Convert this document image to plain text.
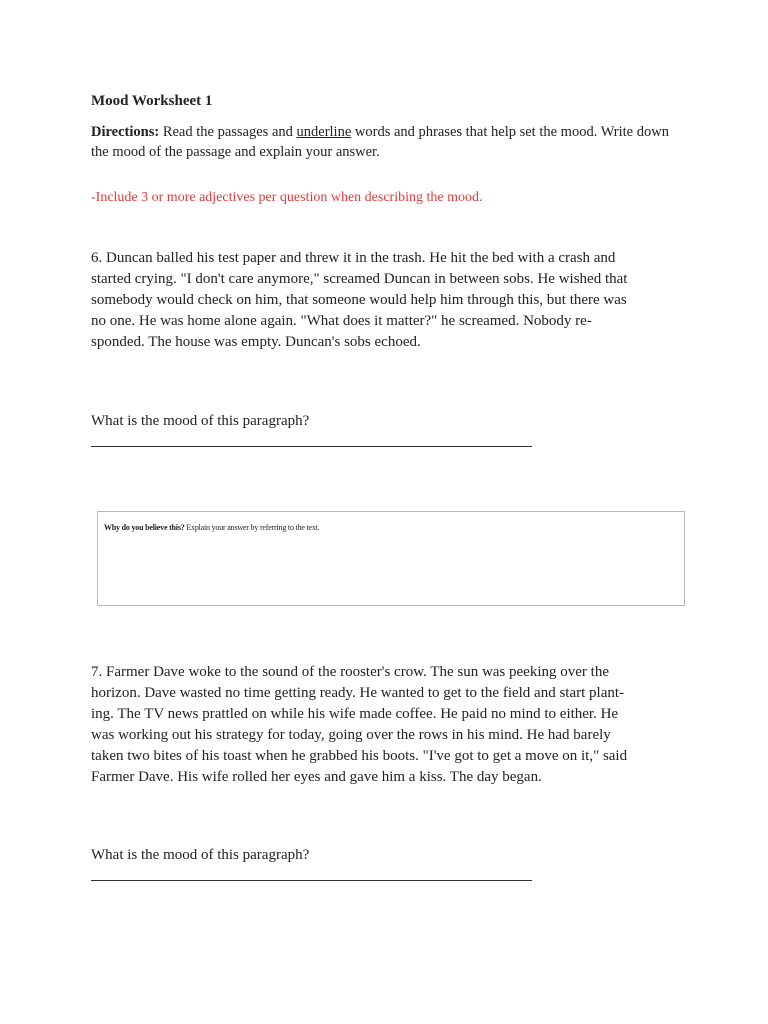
Mood Worksheet 1
Directions: Read the passages and underline words and phrases that help set the mood. Write down the mood of the passage and explain your answer.
-Include 3 or more adjectives per question when describing the mood.
6. Duncan balled his test paper and threw it in the trash. He hit the bed with a crash and
started crying. "I don't care anymore," screamed Duncan in between sobs. He wished that
somebody would check on him, that someone would help him through this, but there was
no one. He was home alone again. "What does it matter?" he screamed. Nobody re-
sponded. The house was empty. Duncan's sobs echoed.
What is the mood of this paragraph?
Why do you believe this? Explain your answer by referring to the text.
7. Farmer Dave woke to the sound of the rooster's crow. The sun was peeking over the
horizon. Dave wasted no time getting ready. He wanted to get to the field and start plant-
ing. The TV news prattled on while his wife made coffee. He paid no mind to either. He
was working out his strategy for today, going over the rows in his mind. He had barely
taken two bites of his toast when he grabbed his boots. "I've got to get a move on it," said
Farmer Dave. His wife rolled her eyes and gave him a kiss. The day began.
What is the mood of this paragraph?
